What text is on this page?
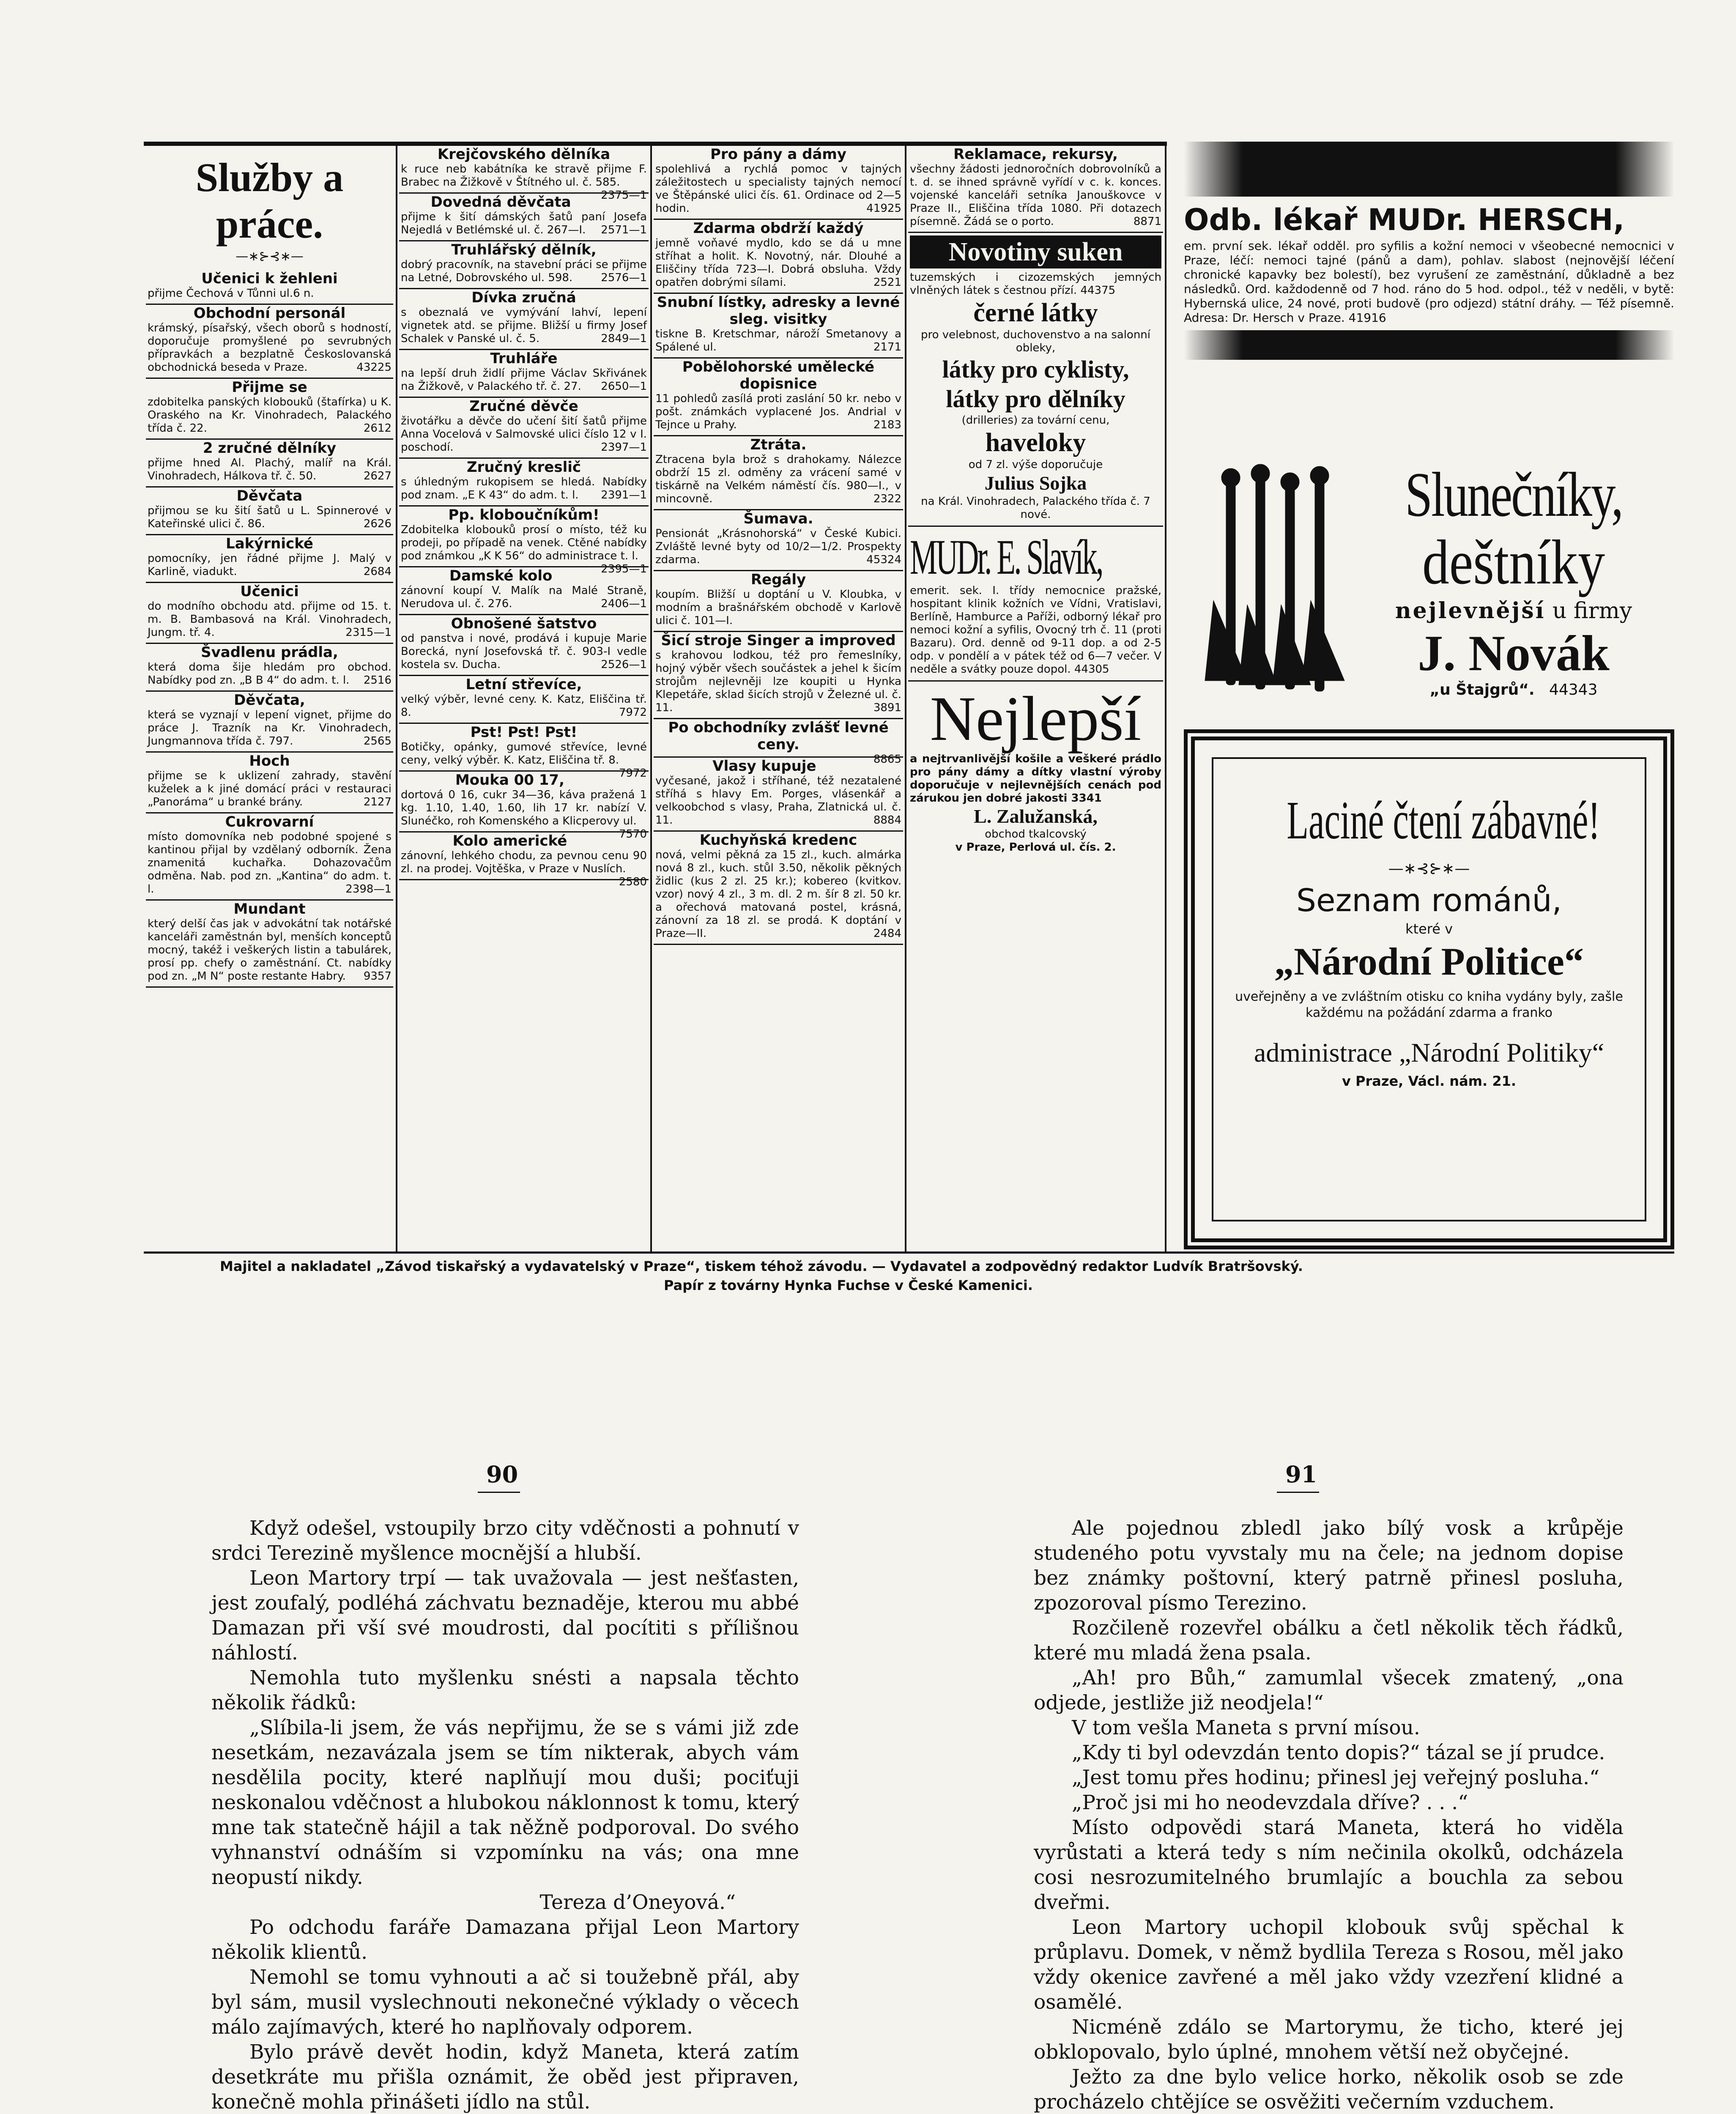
Služby a práce.
—∗⊱⊰∗—
Učenici k žehleni

přijme Čechová v Tůnni ul.6 n.

Obchodní personál

krámský, písařský, všech oborů s hodností, doporučuje promyšlené po sevrubných přípravkách a bezplatně Českoslovanská obchodnická beseda v Praze.	43225

Přijme se

zdobitelka panských klobouků (štafírka) u K. Oraského na Kr. Vinohradech, Palackého třída č. 22.	2612

2 zručné dělníky

přijme hned Al. Plachý, malíř na Král. Vinohradech, Hálkova tř. č. 50.	2627

Děvčata

přijmou se ku šití šatů u L. Spinnerové v Kateřinské ulici č. 86.	2626

Lakýrnické

pomocníky, jen řádné přijme J. Malý v Karlině, viadukt.	2684

Učenici

do modního obchodu atd. přijme od 15. t. m. B. Bambasová na Král. Vinohradech, Jungm. tř. 4.	2315—1

Švadlenu prádla,

která doma šije hledám pro obchod. Nabídky pod zn. „B B 4“ do adm. t. l. 2516

Děvčata,

která se vyznají v lepení vignet, přijme do práce J. Trazník na Kr. Vinohradech, Jungmannova třída č. 797.	2565

Hoch

přijme se k uklizení zahrady, stavění kuželek a k jiné domácí práci v restauraci „Panoráma“ u branké brány.	2127

Cukrovarní

místo domovníka neb podobné spojené s kantinou přijal by vzdělaný odborník. Žena znamenitá kuchařka. Dohazovačům odměna. Nab. pod zn. „Kantina“ do adm. t. l.	2398—1

Mundant

který delší čas jak v advokátní tak notářské kanceláři zaměstnán byl, menších konceptů mocný, takéž i veškerých listin a tabulárek, prosí pp. chefy o zaměstnání. Ct. nabídky pod zn. „M N“ poste restante Habry. 9357

Krejčovského dělníka

k ruce neb kabátníka ke stravě přijme F. Brabec na Žižkově v Štítného ul. č. 585.
2375—1

Dovedná děvčata

přijme k šití dámských šatů paní Josefa Nejedlá v Betlémské ul. č. 267—I. 2571—1

Truhlářský dělník,

dobrý pracovník, na stavební práci se přijme na Letné, Dobrovského ul. 598.	2576—1

Dívka zručná

s obeznalá ve vymývání lahví, lepení vignetek atd. se přijme. Bližší u firmy Josef Schalek v Panské ul. č. 5.	2849—1

Truhláře

na lepší druh židlí přijme Václav Skřivánek na Žižkově, v Palackého tř. č. 27. 2650—1

Zručné děvče

životářku a děvče do učení šití šatů přijme Anna Vocelová v Salmovské ulici číslo 12 v I. poschodí.	2397—1

Zručný kreslič

s úhledným rukopisem se hledá. Nabídky pod znam. „E K 43“ do adm. t. l. 2391—1

Pp. kloboučníkům!

Zdobitelka klobouků prosí o místo, též ku prodeji, po případě na venek. Ctěné nabídky pod známkou „K K 56“ do administrace t. l.
2395—1

Damské kolo

zánovní koupí V. Malík na Malé Straně, Nerudova ul. č. 276.	2406—1

Obnošené šatstvo

od panstva i nové, prodává i kupuje Marie Borecká, nyní Josefovská tř. č. 903-I vedle kostela sv. Ducha.	2526—1

Letní střevíce,

velký výběr, levné ceny. K. Katz, Eliščina tř. 8.	7972

Pst! Pst! Pst!

Botičky, opánky, gumové střevíce, levné ceny, velký výběr. K. Katz, Eliščina tř. 8.
7972

Mouka 00 17,

dortová 0 16, cukr 34—36, káva pražená 1 kg. 1.10, 1.40, 1.60, lih 17 kr. nabízí V. Slunéčko, roh Komenského a Klicperovy ul.
7570

Kolo americké

zánovní, lehkého chodu, za pevnou cenu 90 zl. na prodej. Vojtěška, v Praze v Nuslích.
2580

Pro pány a dámy

spolehlivá a rychlá pomoc v tajných záležitostech u specialisty tajných nemocí ve Štěpánské ulici čís. 61. Ordinace od 2—5 hodin.	41925

Zdarma obdrží každý

jemně voňavé mydlo, kdo se dá u mne stříhat a holit. K. Novotný, nár. Dlouhé a Eliščiny třída 723—I. Dobrá obsluha. Vždy opatřen dobrými sílami.	2521

Snubní lístky, adresky a levné sleg. visitky

tiskne B. Kretschmar, nároží Smetanovy a Spálené ul.	2171

Pobělohorské umělecké dopisnice

11 pohledů zasílá proti zaslání 50 kr. nebo v pošt. známkách vyplacené Jos. Andrial v Tejnce u Prahy.	2183

Ztráta.

Ztracena byla brož s drahokamy. Nálezce obdrží 15 zl. odměny za vrácení samé v tiskárně na Velkém náměstí čís. 980—I., v mincovně.	2322

Šumava.

Pensionát „Krásnohorská“ v České Kubici. Zvláště levné byty od 10/2—1/2. Prospekty zdarma.	45324

Regály

koupím. Bližší u doptání u V. Kloubka, v modním a brašnářském obchodě v Karlově ulici č. 101—I.

Šicí stroje Singer a improved

s krahovou lodkou, též pro řemeslníky, hojný výběr všech součástek a jehel k šicím strojům nejlevněji lze koupiti u Hynka Klepetáře, sklad šicích strojů v Železné ul. č. 11.	3891

Po obchodníky zvlášť levné ceny.

8865

Vlasy kupuje

vyčesané, jakož i stříhané, též nezatalené stříhá s hlavy Em. Porges, vlásenkář a velkoobchod s vlasy, Praha, Zlatnická ul. č. 11.	8884

Kuchyňská kredenc

nová, velmi pěkná za 15 zl., kuch. almárka nová 8 zl., kuch. stůl 3.50, několik pěkných židlic (kus 2 zl. 25 kr.); kobereo (kvitkov. vzor) nový 4 zl., 3 m. dl. 2 m. šír 8 zl. 50 kr. a ořechová matovaná postel, krásná, zánovní za 18 zl. se prodá. K doptání v Praze—II.	2484

Reklamace, rekursy,

všechny žádosti jednoročních dobrovolníků a t. d. se ihned správně vyřídí v c. k. konces. vojenské kanceláři setníka Janouškovce v Praze II., Eliščina třída 1080. Při dotazech písemně. Žádá se o porto.	8871

Novotiny suken

tuzemských i cizozemských jemných vlněných látek s čestnou přízí. 44375

černé látky

pro velebnost, duchovenstvo a na salonní obleky,

látky pro cyklisty,

látky pro dělníky

(drilleries) za tovární cenu,

haveloky

od 7 zl. výše doporučuje

Julius Sojka

na Král. Vinohradech, Palackého třída č. 7 nové.

MUDr. E. Slavík,

emerit. sek. I. třídy nemocnice pražské, hospitant klinik kožních ve Vídni, Vratislavi, Berlíně, Hamburce a Paříži, odborný lékař pro nemoci kožní a syfilis, Ovocný trh č. 11 (proti Bazaru). Ord. denně od 9-11 dop. a od 2-5 odp. v pondělí a v pátek též od 6—7 večer. V neděle a svátky pouze dopol. 44305

Nejlepší

a nejtrvanlivější košile a veškeré prádlo pro pány dámy a dítky vlastní výroby doporučuje v nejlevnějších cenách pod zárukou jen dobré jakosti 3341

L. Zalužanská,

obchod tkalcovský

v Praze, Perlová ul. čís. 2.

Odb. lékař MUDr. HERSCH,

em. první sek. lékař odděl. pro syfilis a kožní nemoci v všeobecné nemocnici v Praze, léčí: nemoci tajné (pánů a dam), pohlav. slabost (nejnovější léčení chronické kapavky bez bolestí), bez vyrušení ze zaměstnání, důkladně a bez následků. Ord. každodenně od 7 hod. ráno do 5 hod. odpol., též v neděli, v bytě: Hybernská ulice, 24 nové, proti budově (pro odjezd) státní dráhy. — Též písemně. Adresa: Dr. Hersch v Praze. 41916

Slunečníky,
deštníky
nejlevnější u firmy
J. Novák
„u Štajgrů“. 44343
Laciné čtení zábavné!
—∗⊰⊱∗—
Seznam románů,
které v
„Národní Politice“

uveřejněny a ve zvláštním otisku co kniha vydány byly, zašle každému na požádání zdarma a franko

administrace „Národní Politiky“
v Praze, Václ. nám. 21.
Majitel a nakladatel „Závod tiskařský a vydavatelský v Praze“, tiskem téhož závodu. — Vydavatel a zodpovědný redaktor Ludvík Bratršovský.
Papír z továrny Hynka Fuchse v České Kamenici.
90	91

Když odešel, vstoupily brzo city vděčnosti a pohnutí v srdci Terezině myšlence mocnější a hlubší.

Leon Martory trpí — tak uvažovala — jest nešťasten, jest zoufalý, podléhá záchvatu beznaděje, kterou mu abbé Damazan při vší své moudrosti, dal pocítiti s přílišnou náhlostí.

Nemohla tuto myšlenku snésti a napsala těchto několik řádků:

„Slíbila-li jsem, že vás nepřijmu, že se s vámi již zde nesetkám, nezavázala jsem se tím nikterak, abych vám nesdělila pocity, které naplňují mou duši; pociťuji neskonalou vděčnost a hlubokou náklonnost k tomu, který mne tak statečně hájil a tak něžně podporoval. Do svého vyhnanství odnáším si vzpomínku na vás; ona mne neopustí nikdy.

Tereza d’Oneyová.“

Po odchodu faráře Damazana přijal Leon Martory několik klientů.

Nemohl se tomu vyhnouti a ač si toužebně přál, aby byl sám, musil vyslechnouti nekonečné výklady o věcech málo zajímavých, které ho naplňovaly odporem.

Bylo právě devět hodin, když Maneta, která zatím desetkráte mu přišla oznámit, že oběd jest připraven, konečně mohla přinášeti jídlo na stůl.

Ale pojednou zbledl jako bílý vosk a krůpěje studeného potu vyvstaly mu na čele; na jednom dopise bez známky poštovní, který patrně přinesl posluha, zpozoroval písmo Terezino.

Rozčileně rozevřel obálku a četl několik těch řádků, které mu mladá žena psala.

„Ah! pro Bůh,“ zamumlal všecek zmatený, „ona odjede, jestliže již neodjela!“

V tom vešla Maneta s první mísou.

„Kdy ti byl odevzdán tento dopis?“ tázal se jí prudce.

„Jest tomu přes hodinu; přinesl jej veřejný posluha.“

„Proč jsi mi ho neodevzdala dříve? . . .“

Místo odpovědi stará Maneta, která ho viděla vyrůstati a která tedy s ním nečinila okolků, odcházela cosi nesrozumitelného brumlajíc a bouchla za sebou dveřmi.

Leon Martory uchopil klobouk svůj spěchal k průplavu. Domek, v němž bydlila Tereza s Rosou, měl jako vždy okenice zavřené a měl jako vždy vzezření klidné a osamělé.

Nicméně zdálo se Martorymu, že ticho, které jej obklopovalo, bylo úplné, mnohem větší než obyčejné.

Ježto za dne bylo velice horko, několik osob se zde procházelo chtějíce se osvěžiti večerním vzduchem.
